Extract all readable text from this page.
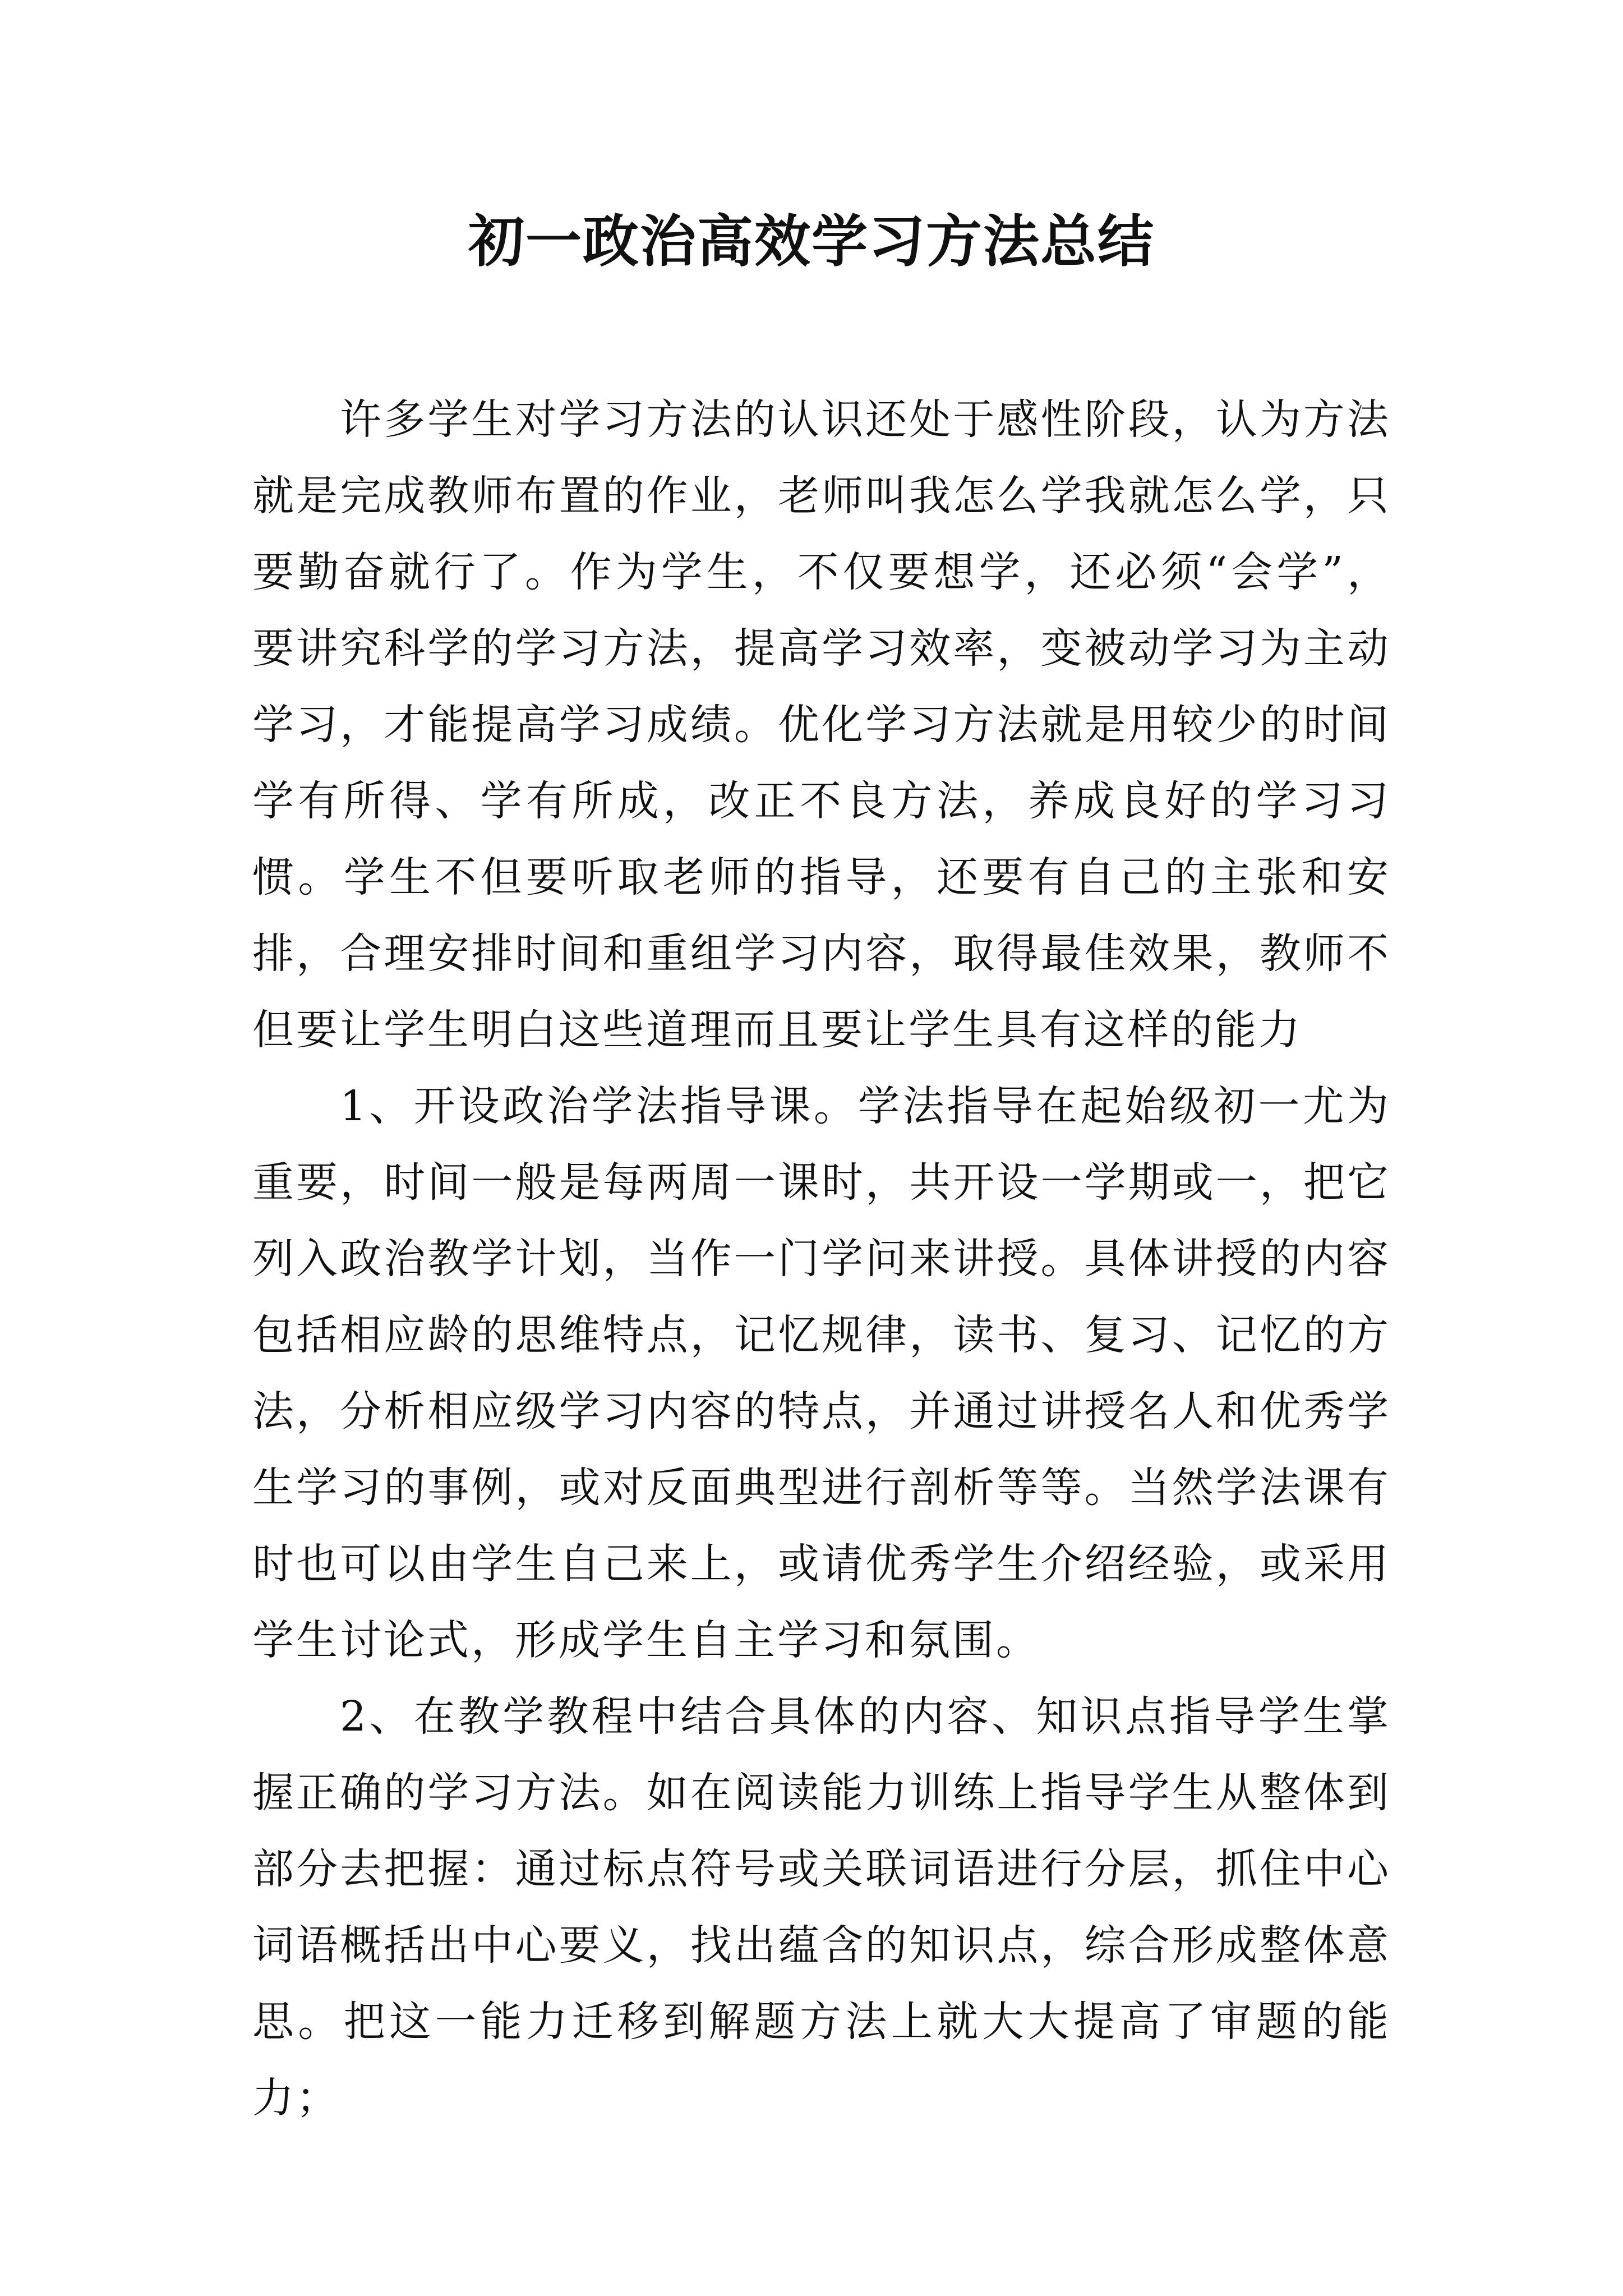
初一政治高效学习方法总结

许多学生对学习方法的认识还处于感性阶段，认为方法就是完成教师布置的作业，老师叫我怎么学我就怎么学，只要勤奋就行了。作为学生，不仅要想学，还必须“会学”，要讲究科学的学习方法，提高学习效率，变被动学习为主动学习，才能提高学习成绩。优化学习方法就是用较少的时间学有所得、学有所成，改正不良方法，养成良好的学习习惯。学生不但要听取老师的指导，还要有自己的主张和安排，合理安排时间和重组学习内容，取得最佳效果，教师不但要让学生明白这些道理而且要让学生具有这样的能力

1、开设政治学法指导课。学法指导在起始级初一尤为重要，时间一般是每两周一课时，共开设一学期或一，把它列入政治教学计划，当作一门学问来讲授。具体讲授的内容包括相应龄的思维特点，记忆规律，读书、复习、记忆的方法，分析相应级学习内容的特点，并通过讲授名人和优秀学生学习的事例，或对反面典型进行剖析等等。当然学法课有时也可以由学生自己来上，或请优秀学生介绍经验，或采用学生讨论式，形成学生自主学习和氛围。

2、在教学教程中结合具体的内容、知识点指导学生掌握正确的学习方法。如在阅读能力训练上指导学生从整体到部分去把握：通过标点符号或关联词语进行分层，抓住中心词语概括出中心要义，找出蕴含的知识点，综合形成整体意思。把这一能力迁移到解题方法上就大大提高了审题的能力；
